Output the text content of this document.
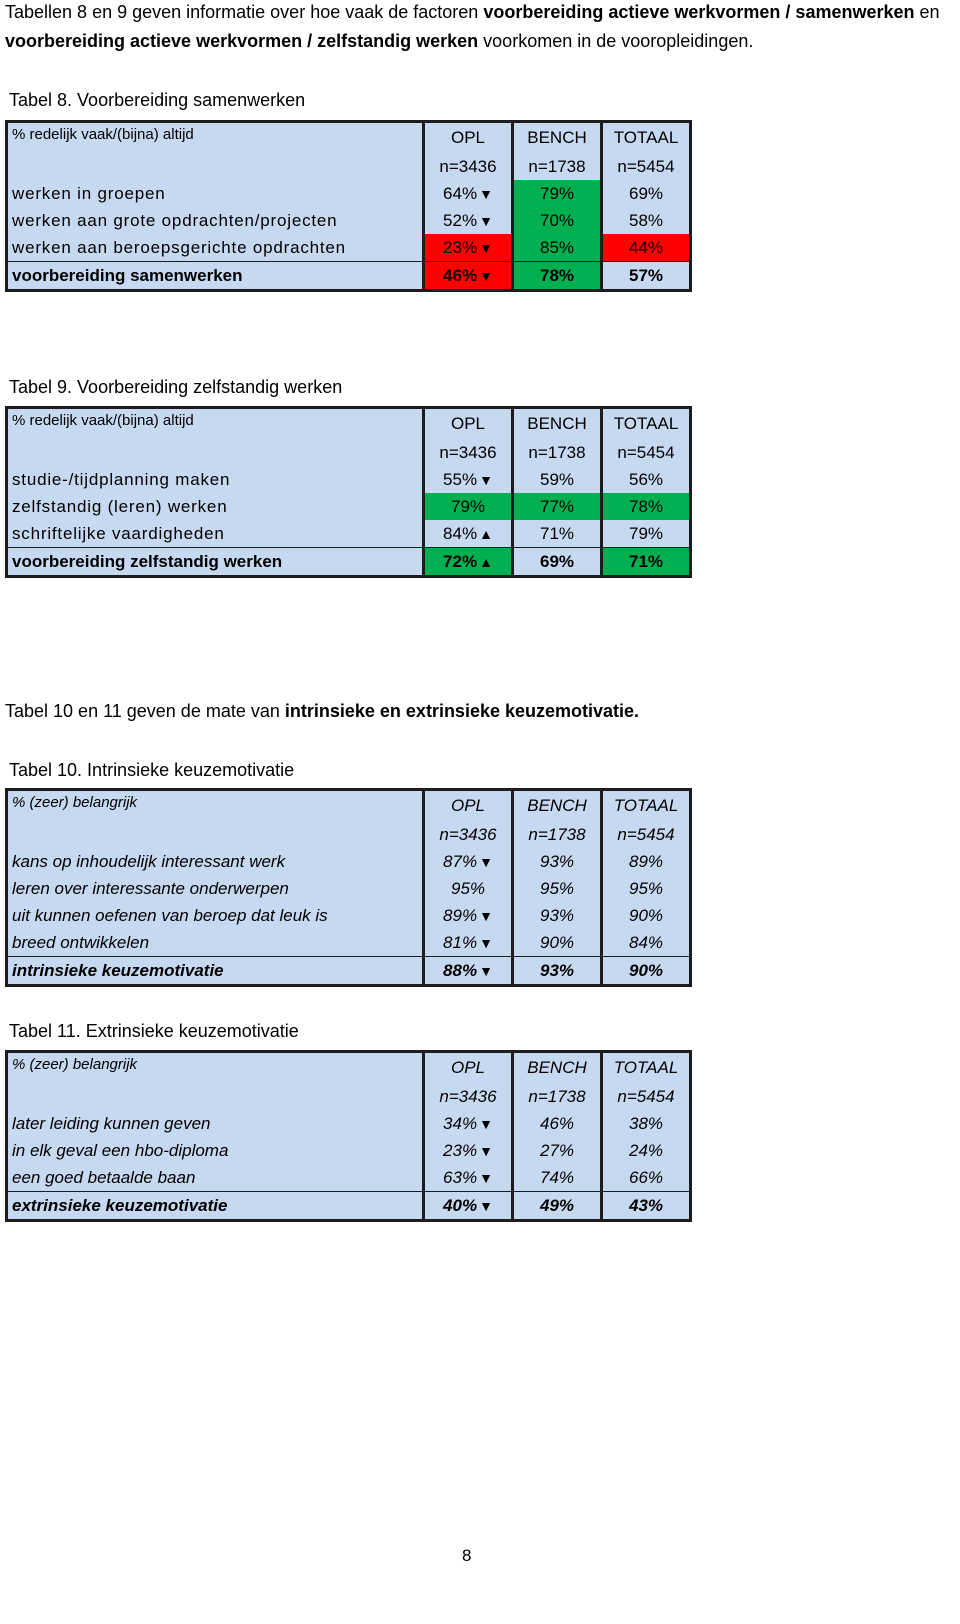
Tabellen 8 en 9 geven informatie over hoe vaak de factoren voorbereiding actieve werkvormen / samenwerken en voorbereiding actieve werkvormen / zelfstandig werken voorkomen in de vooropleidingen.
Tabel 8. Voorbereiding samenwerken
% redelijk vaak/(bijna) altijd	OPL	BENCH	TOTAAL
	n=3436	n=1738	n=5454
werken in groepen	64% ▼	79%	69%
werken aan grote opdrachten/projecten	52% ▼	70%	58%
werken aan beroepsgerichte opdrachten	23% ▼	85%	44%
voorbereiding samenwerken	46% ▼	78%	57%
Tabel 9. Voorbereiding zelfstandig werken
% redelijk vaak/(bijna) altijd	OPL	BENCH	TOTAAL
	n=3436	n=1738	n=5454
studie-/tijdplanning maken	55% ▼	59%	56%
zelfstandig (leren) werken	79%	77%	78%
schriftelijke vaardigheden	84% ▲	71%	79%
voorbereiding zelfstandig werken	72% ▲	69%	71%
Tabel 10 en 11 geven de mate van intrinsieke en extrinsieke keuzemotivatie.
Tabel 10. Intrinsieke keuzemotivatie
% (zeer) belangrijk	OPL	BENCH	TOTAAL
	n=3436	n=1738	n=5454
kans op inhoudelijk interessant werk	87% ▼	93%	89%
leren over interessante onderwerpen	95%	95%	95%
uit kunnen oefenen van beroep dat leuk is	89% ▼	93%	90%
breed ontwikkelen	81% ▼	90%	84%
intrinsieke keuzemotivatie	88% ▼	93%	90%
Tabel 11. Extrinsieke keuzemotivatie
% (zeer) belangrijk	OPL	BENCH	TOTAAL
	n=3436	n=1738	n=5454
later leiding kunnen geven	34% ▼	46%	38%
in elk geval een hbo-diploma	23% ▼	27%	24%
een goed betaalde baan	63% ▼	74%	66%
extrinsieke keuzemotivatie	40% ▼	49%	43%
8
